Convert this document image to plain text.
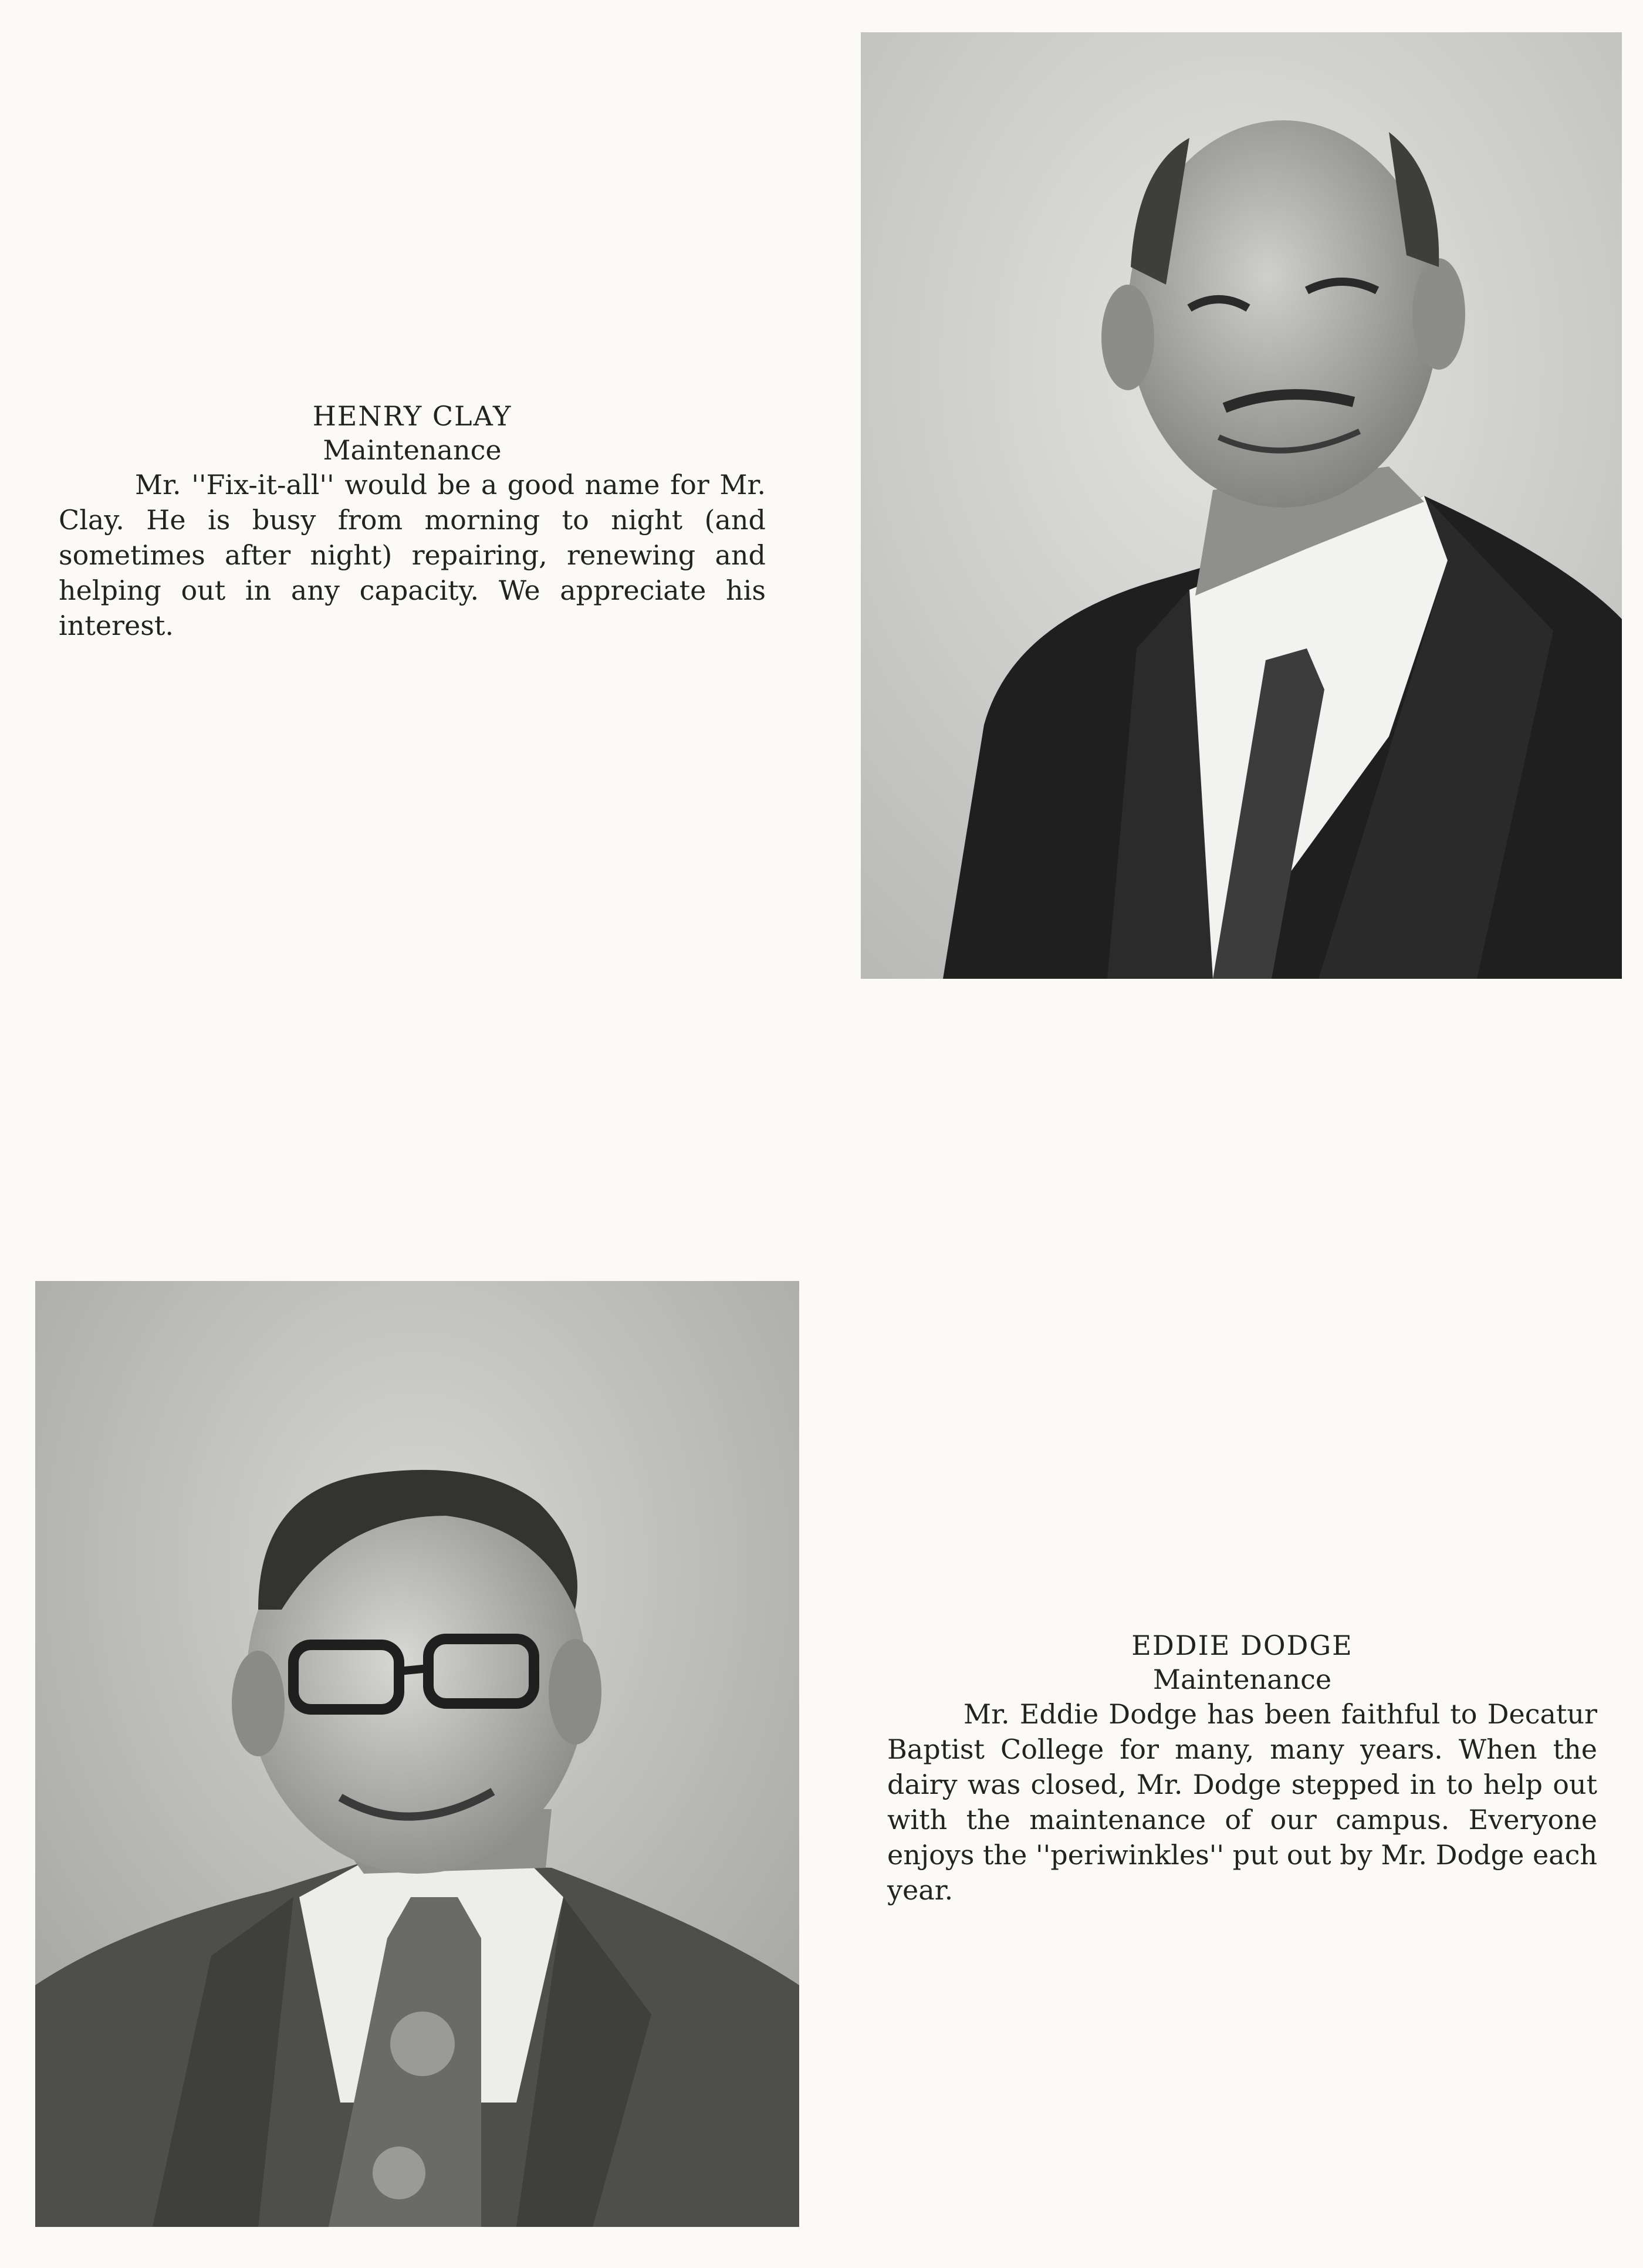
HENRY CLAY

Maintenance

Mr. ''Fix-it-all'' would be a good name for Mr. Clay. He is busy from morning to night (and sometimes after night) repairing, renewing and helping out in any capacity. We appreciate his interest.

EDDIE DODGE

Maintenance

Mr. Eddie Dodge has been faithful to Decatur Baptist College for many, many years. When the dairy was closed, Mr. Dodge stepped in to help out with the maintenance of our campus. Everyone enjoys the ''periwinkles'' put out by Mr. Dodge each year.
